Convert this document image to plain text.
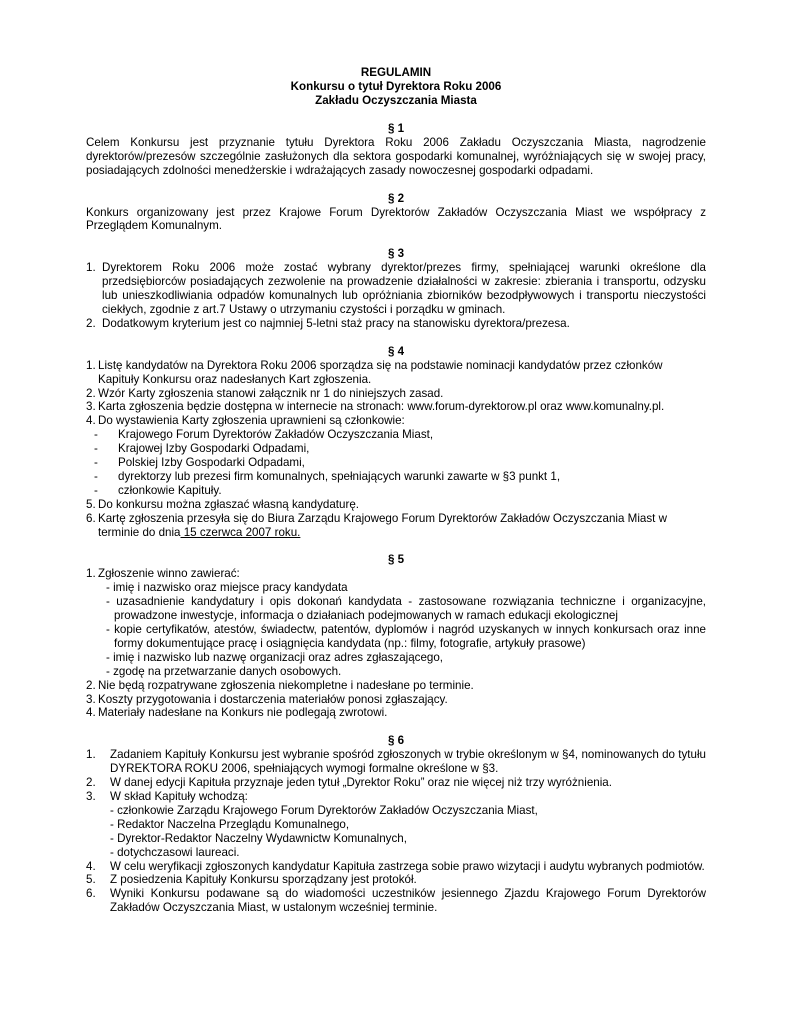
REGULAMIN
Konkursu o tytuł Dyrektora Roku 2006
Zakładu Oczyszczania Miasta
§ 1
Celem Konkursu jest przyznanie tytułu Dyrektora Roku 2006 Zakładu Oczyszczania Miasta, nagrodzenie dyrektorów/prezesów szczególnie zasłużonych dla sektora gospodarki komunalnej, wyróżniających się w swojej pracy, posiadających zdolności menedżerskie i wdrażających zasady nowoczesnej gospodarki odpadami.
§ 2
Konkurs organizowany jest przez Krajowe Forum Dyrektorów Zakładów Oczyszczania Miast we współpracy z Przeglądem Komunalnym.
§ 3
1. Dyrektorem Roku 2006 może zostać wybrany dyrektor/prezes firmy, spełniającej warunki określone dla przedsiębiorców posiadających zezwolenie na prowadzenie działalności w zakresie: zbierania i transportu, odzysku lub unieszkodliwiania odpadów komunalnych lub opróżniania zbiorników bezodpływowych i transportu nieczystości ciekłych, zgodnie z art.7 Ustawy o utrzymaniu czystości i porządku w gminach.
2. Dodatkowym kryterium jest co najmniej 5-letni staż pracy na stanowisku dyrektora/prezesa.
§ 4
1. Listę kandydatów na Dyrektora Roku 2006 sporządza się na podstawie nominacji kandydatów przez członków Kapituły Konkursu oraz nadesłanych Kart zgłoszenia.
2. Wzór Karty zgłoszenia stanowi załącznik nr 1 do niniejszych zasad.
3. Karta zgłoszenia będzie dostępna w internecie na stronach: www.forum-dyrektorow.pl oraz www.komunalny.pl.
4. Do wystawienia Karty zgłoszenia uprawnieni są członkowie:
-	Krajowego Forum Dyrektorów Zakładów Oczyszczania Miast,
-	Krajowej Izby Gospodarki Odpadami,
-	Polskiej Izby Gospodarki Odpadami,
-	dyrektorzy lub prezesi firm komunalnych, spełniających warunki zawarte w §3 punkt 1,
-	członkowie Kapituły.
5. Do konkursu można zgłaszać własną kandydaturę.
6. Kartę zgłoszenia przesyła się do Biura Zarządu Krajowego Forum Dyrektorów Zakładów Oczyszczania Miast w terminie do dnia 15 czerwca 2007 roku.
§ 5
1. Zgłoszenie winno zawierać:
- imię i nazwisko oraz miejsce pracy kandydata
- uzasadnienie kandydatury i opis dokonań kandydata - zastosowane rozwiązania techniczne i organizacyjne, prowadzone inwestycje, informacja o działaniach podejmowanych w ramach edukacji ekologicznej
- kopie certyfikatów, atestów, świadectw, patentów, dyplomów i nagród uzyskanych w innych konkursach oraz inne formy dokumentujące pracę i osiągnięcia kandydata (np.: filmy, fotografie, artykuły prasowe)
- imię i nazwisko lub nazwę organizacji oraz adres zgłaszającego,
- zgodę na przetwarzanie danych osobowych.
2. Nie będą rozpatrywane zgłoszenia niekompletne i nadesłane po terminie.
3. Koszty przygotowania i dostarczenia materiałów ponosi zgłaszający.
4. Materiały nadesłane na Konkurs nie podlegają zwrotowi.
§ 6
1.	Zadaniem Kapituły Konkursu jest wybranie spośród zgłoszonych w trybie określonym w §4, nominowanych do tytułu DYREKTORA ROKU 2006, spełniających wymogi formalne określone w §3.
2.	W danej edycji Kapituła przyznaje jeden tytuł „Dyrektor Roku” oraz nie więcej niż trzy wyróżnienia.
3.	W skład Kapituły wchodzą:
- członkowie Zarządu Krajowego Forum Dyrektorów Zakładów Oczyszczania Miast,
- Redaktor Naczelna Przeglądu Komunalnego,
- Dyrektor-Redaktor Naczelny Wydawnictw Komunalnych,
- dotychczasowi laureaci.
4.	W celu weryfikacji zgłoszonych kandydatur Kapituła zastrzega sobie prawo wizytacji i audytu wybranych podmiotów.
5.	Z posiedzenia Kapituły Konkursu sporządzany jest protokół.
6.	Wyniki Konkursu podawane są do wiadomości uczestników jesiennego Zjazdu Krajowego Forum Dyrektorów Zakładów Oczyszczania Miast, w ustalonym wcześniej terminie.
